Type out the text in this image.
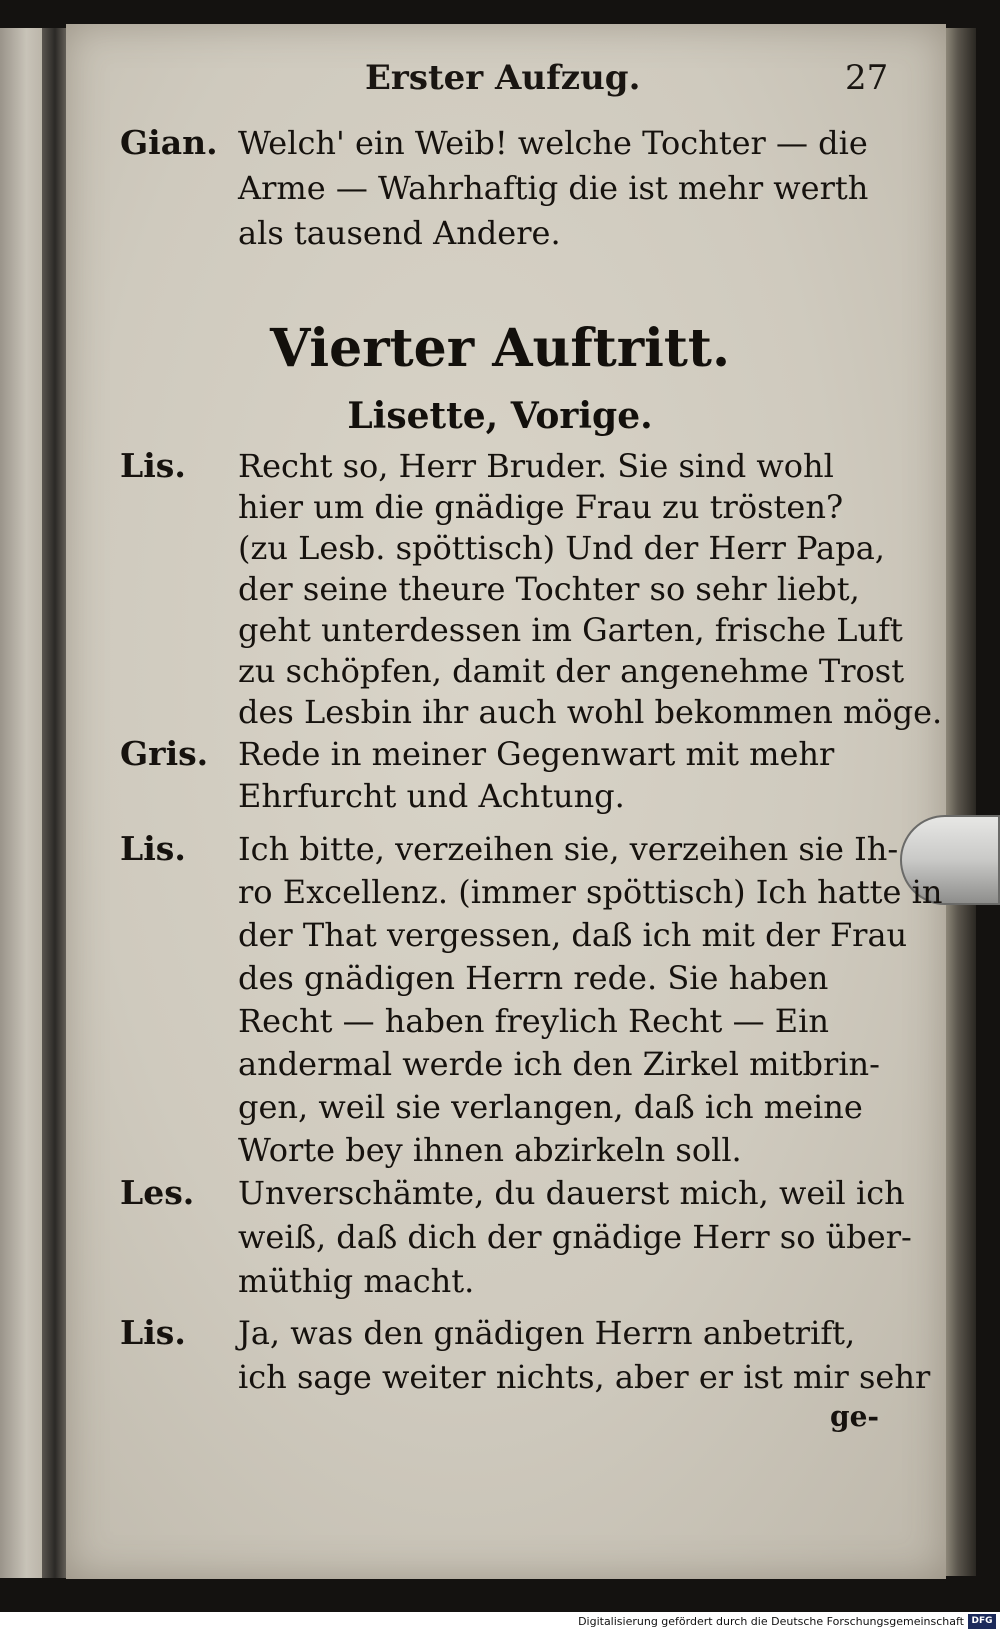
Erster Aufzug.	27
Gian. Welch' ein Weib! welche Tochter — die
Arme — Wahrhaftig die ist mehr werth
als tausend Andere.
Vierter Auftritt.
Lisette, Vorige.
Lis.	Recht so, Herr Bruder. Sie sind wohl
hier um die gnädige Frau zu trösten?
(zu Lesb. spöttisch) Und der Herr Papa,
der seine theure Tochter so sehr liebt,
geht unterdessen im Garten, frische Luft
zu schöpfen, damit der angenehme Trost
des Lesbin ihr auch wohl bekommen möge.
Gris. Rede in meiner Gegenwart mit mehr
Ehrfurcht und Achtung.
Lis.	Ich bitte, verzeihen sie, verzeihen sie Ih-
ro Excellenz. (immer spöttisch) Ich hatte in
der That vergessen, daß ich mit der Frau
des gnädigen Herrn rede. Sie haben
Recht — haben freylich Recht — Ein
andermal werde ich den Zirkel mitbrin-
gen, weil sie verlangen, daß ich meine
Worte bey ihnen abzirkeln soll.
Les.	Unverschämte, du dauerst mich, weil ich
weiß, daß dich der gnädige Herr so über-
müthig macht.
Lis.	Ja, was den gnädigen Herrn anbetrift,
ich sage weiter nichts, aber er ist mir sehr
ge-
Digitalisierung gefördert durch die Deutsche Forschungsgemeinschaft DFG
